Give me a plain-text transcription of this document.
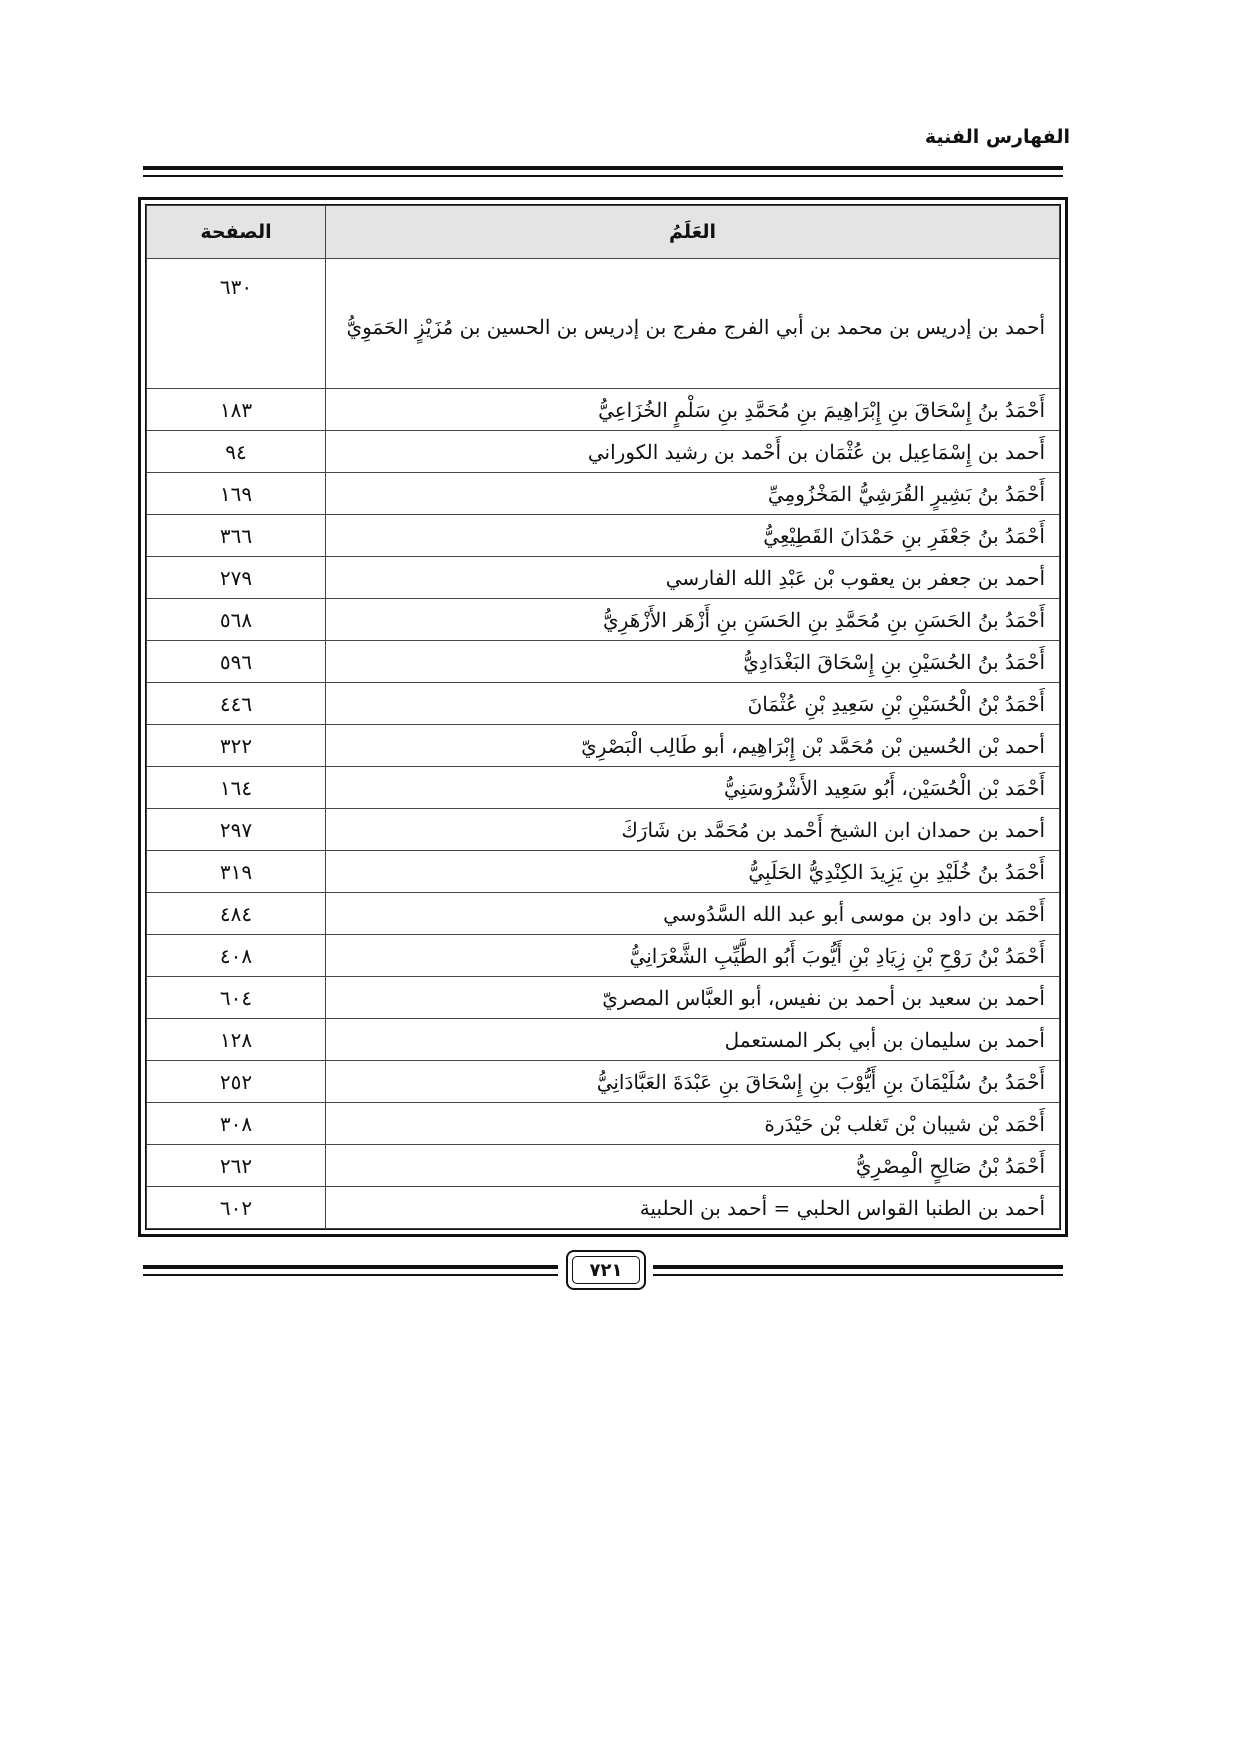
الفهارس الفنية
العَلَمُ	الصفحة
أحمد بن إدريس بن محمد بن أبي الفرج مفرج بن إدريس بن الحسين بن مُزَيْزٍ الحَمَوِيُّ	٦٣٠
أَحْمَدُ بنُ إِسْحَاقَ بنِ إِبْرَاهِيمَ بنِ مُحَمَّدِ بنِ سَلْمٍ الخُزَاعِيُّ	١٨٣
أَحمد بن إِسْمَاعِيل بن عُثْمَان بن أَحْمد بن رشيد الكوراني	٩٤
أَحْمَدُ بنُ بَشِيرٍ القُرَشِيُّ المَخْزُومِيِّ	١٦٩
أَحْمَدُ بنُ جَعْفَرِ بنِ حَمْدَانَ القَطِيْعِيُّ	٣٦٦
أحمد بن جعفر بن يعقوب بْن عَبْدِ الله الفارسي	٢٧٩
أَحْمَدُ بنُ الحَسَنِ بنِ مُحَمَّدِ بنِ الحَسَنِ بنِ أَزْهَر الأَزْهَرِيُّ	٥٦٨
أَحْمَدُ بنُ الحُسَيْنِ بنِ إِسْحَاقَ البَغْدَادِيُّ	٥٩٦
أَحْمَدُ بْنُ الْحُسَيْنِ بْنِ سَعِيدِ بْنِ عُثْمَانَ	٤٤٦
أحمد بْن الحُسين بْن مُحَمَّد بْن إِبْرَاهِيم، أبو طَالِب الْبَصْرِيّ	٣٢٢
أَحْمَد بْن الْحُسَيْن، أَبُو سَعِيد الأَشْرُوسَنِيُّ	١٦٤
أحمد بن حمدان ابن الشيخ أَحْمد بن مُحَمَّد بن شَارَكَ	٢٩٧
أَحْمَدُ بنُ خُلَيْدِ بنِ يَزِيدَ الكِنْدِيُّ الحَلَبِيُّ	٣١٩
أَحْمَد بن داود بن موسى أبو عبد الله السَّدُوسي	٤٨٤
أَحْمَدُ بْنُ رَوْحِ بْنِ زِيَادِ بْنِ أَيُّوبَ أَبُو الطَّيِّبِ الشَّعْرَانِيُّ	٤٠٨
أحمد بن سعيد بن أحمد بن نفيس، أبو العبَّاس المصريّ	٦٠٤
أحمد بن سليمان بن أبي بكر المستعمل	١٢٨
أَحْمَدُ بنُ سُلَيْمَانَ بنِ أَيُّوْبَ بنِ إِسْحَاقَ بنِ عَبْدَةَ العَبَّادَانِيُّ	٢٥٢
أَحْمَد بْن شيبان بْن تَغلب بْن حَيْدَرة	٣٠٨
أَحْمَدُ بْنُ صَالِحٍ الْمِصْرِيُّ	٢٦٢
أحمد بن الطنبا القواس الحلبي = أحمد بن الحلبية	٦٠٢
٧٢١
